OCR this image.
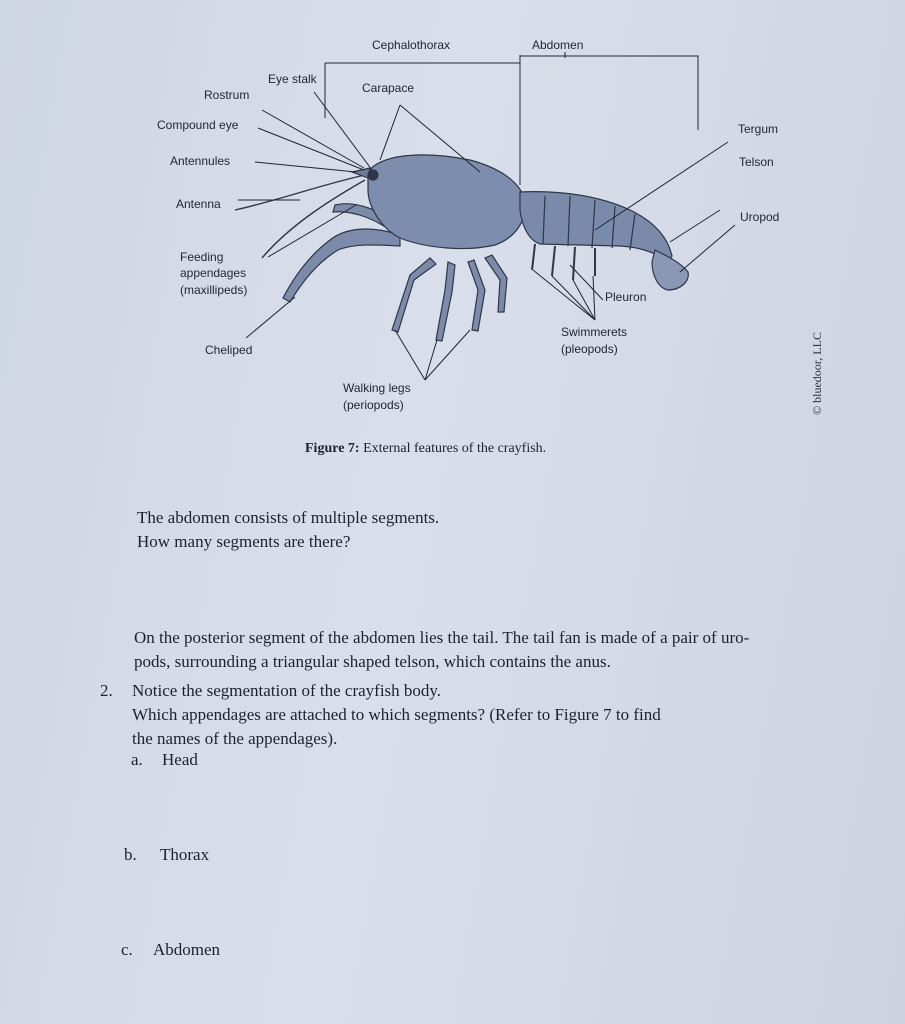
Cephalothorax	Abdomen
Eye stalk
Carapace
Rostrum
Compound eye
Antennules
Antenna
Feeding
appendages
(maxillipeds)
Cheliped
Walking legs
(periopods)
Tergum
Telson
Uropod
Pleuron
Swimmerets
(pleopods)	© bluedoor, LLC
Figure 7: External features of the crayfish.
The abdomen consists of multiple segments.
How many segments are there?
On the posterior segment of the abdomen lies the tail. The tail fan is made of a pair of uro-
pods, surrounding a triangular shaped telson, which contains the anus.
2. Notice the segmentation of the crayfish body.
Which appendages are attached to which segments? (Refer to Figure 7 to find
the names of the appendages).
a. Head
b. Thorax
c. Abdomen
